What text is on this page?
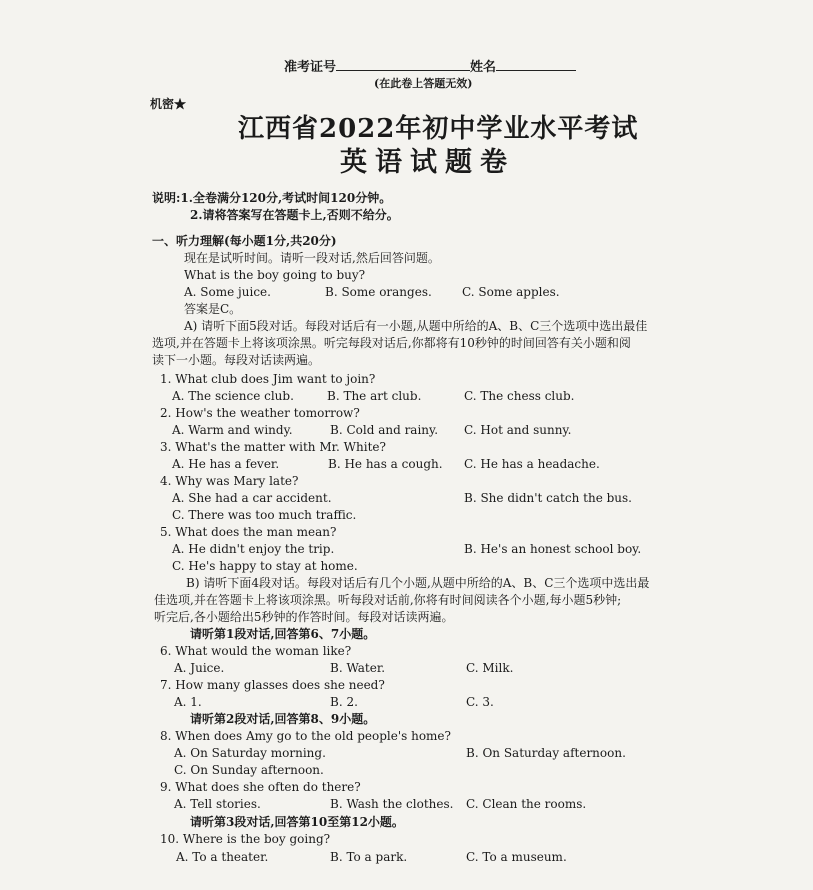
准考证号	姓名
(在此卷上答题无效)
机密★
江西省2022年初中学业水平考试
英语试题卷
说明:1.全卷满分120分,考试时间120分钟。
2.请将答案写在答题卡上,否则不给分。
一、听力理解(每小题1分,共20分)
现在是试听时间。请听一段对话,然后回答问题。
What is the boy going to buy?
A. Some juice.	B. Some oranges.	C. Some apples.
答案是C。
A) 请听下面5段对话。每段对话后有一小题,从题中所给的A、B、C三个选项中选出最佳
选项,并在答题卡上将该项涂黑。听完每段对话后,你都将有10秒钟的时间回答有关小题和阅
读下一小题。每段对话读两遍。
1. What club does Jim want to join?
A. The science club.	B. The art club.	C. The chess club.
2. How's the weather tomorrow?
A. Warm and windy.	B. Cold and rainy. C. Hot and sunny.
3. What's the matter with Mr. White?
A. He has a fever.	B. He has a cough. C. He has a headache.
4. Why was Mary late?
A. She had a car accident.	B. She didn't catch the bus.
C. There was too much traffic.
5. What does the man mean?
A. He didn't enjoy the trip.	B. He's an honest school boy.
C. He's happy to stay at home.
B) 请听下面4段对话。每段对话后有几个小题,从题中所给的A、B、C三个选项中选出最
佳选项,并在答题卡上将该项涂黑。听每段对话前,你将有时间阅读各个小题,每小题5秒钟;
听完后,各小题给出5秒钟的作答时间。每段对话读两遍。
请听第1段对话,回答第6、7小题。
6. What would the woman like?
A. Juice.	B. Water.	C. Milk.
7. How many glasses does she need?
A. 1.	B. 2.	C. 3.
请听第2段对话,回答第8、9小题。
8. When does Amy go to the old people's home?
A. On Saturday morning.	B. On Saturday afternoon.
C. On Sunday afternoon.
9. What does she often do there?
A. Tell stories.	B. Wash the clothes. C. Clean the rooms.
请听第3段对话,回答第10至第12小题。
10. Where is the boy going?
A. To a theater.	B. To a park.	C. To a museum.
